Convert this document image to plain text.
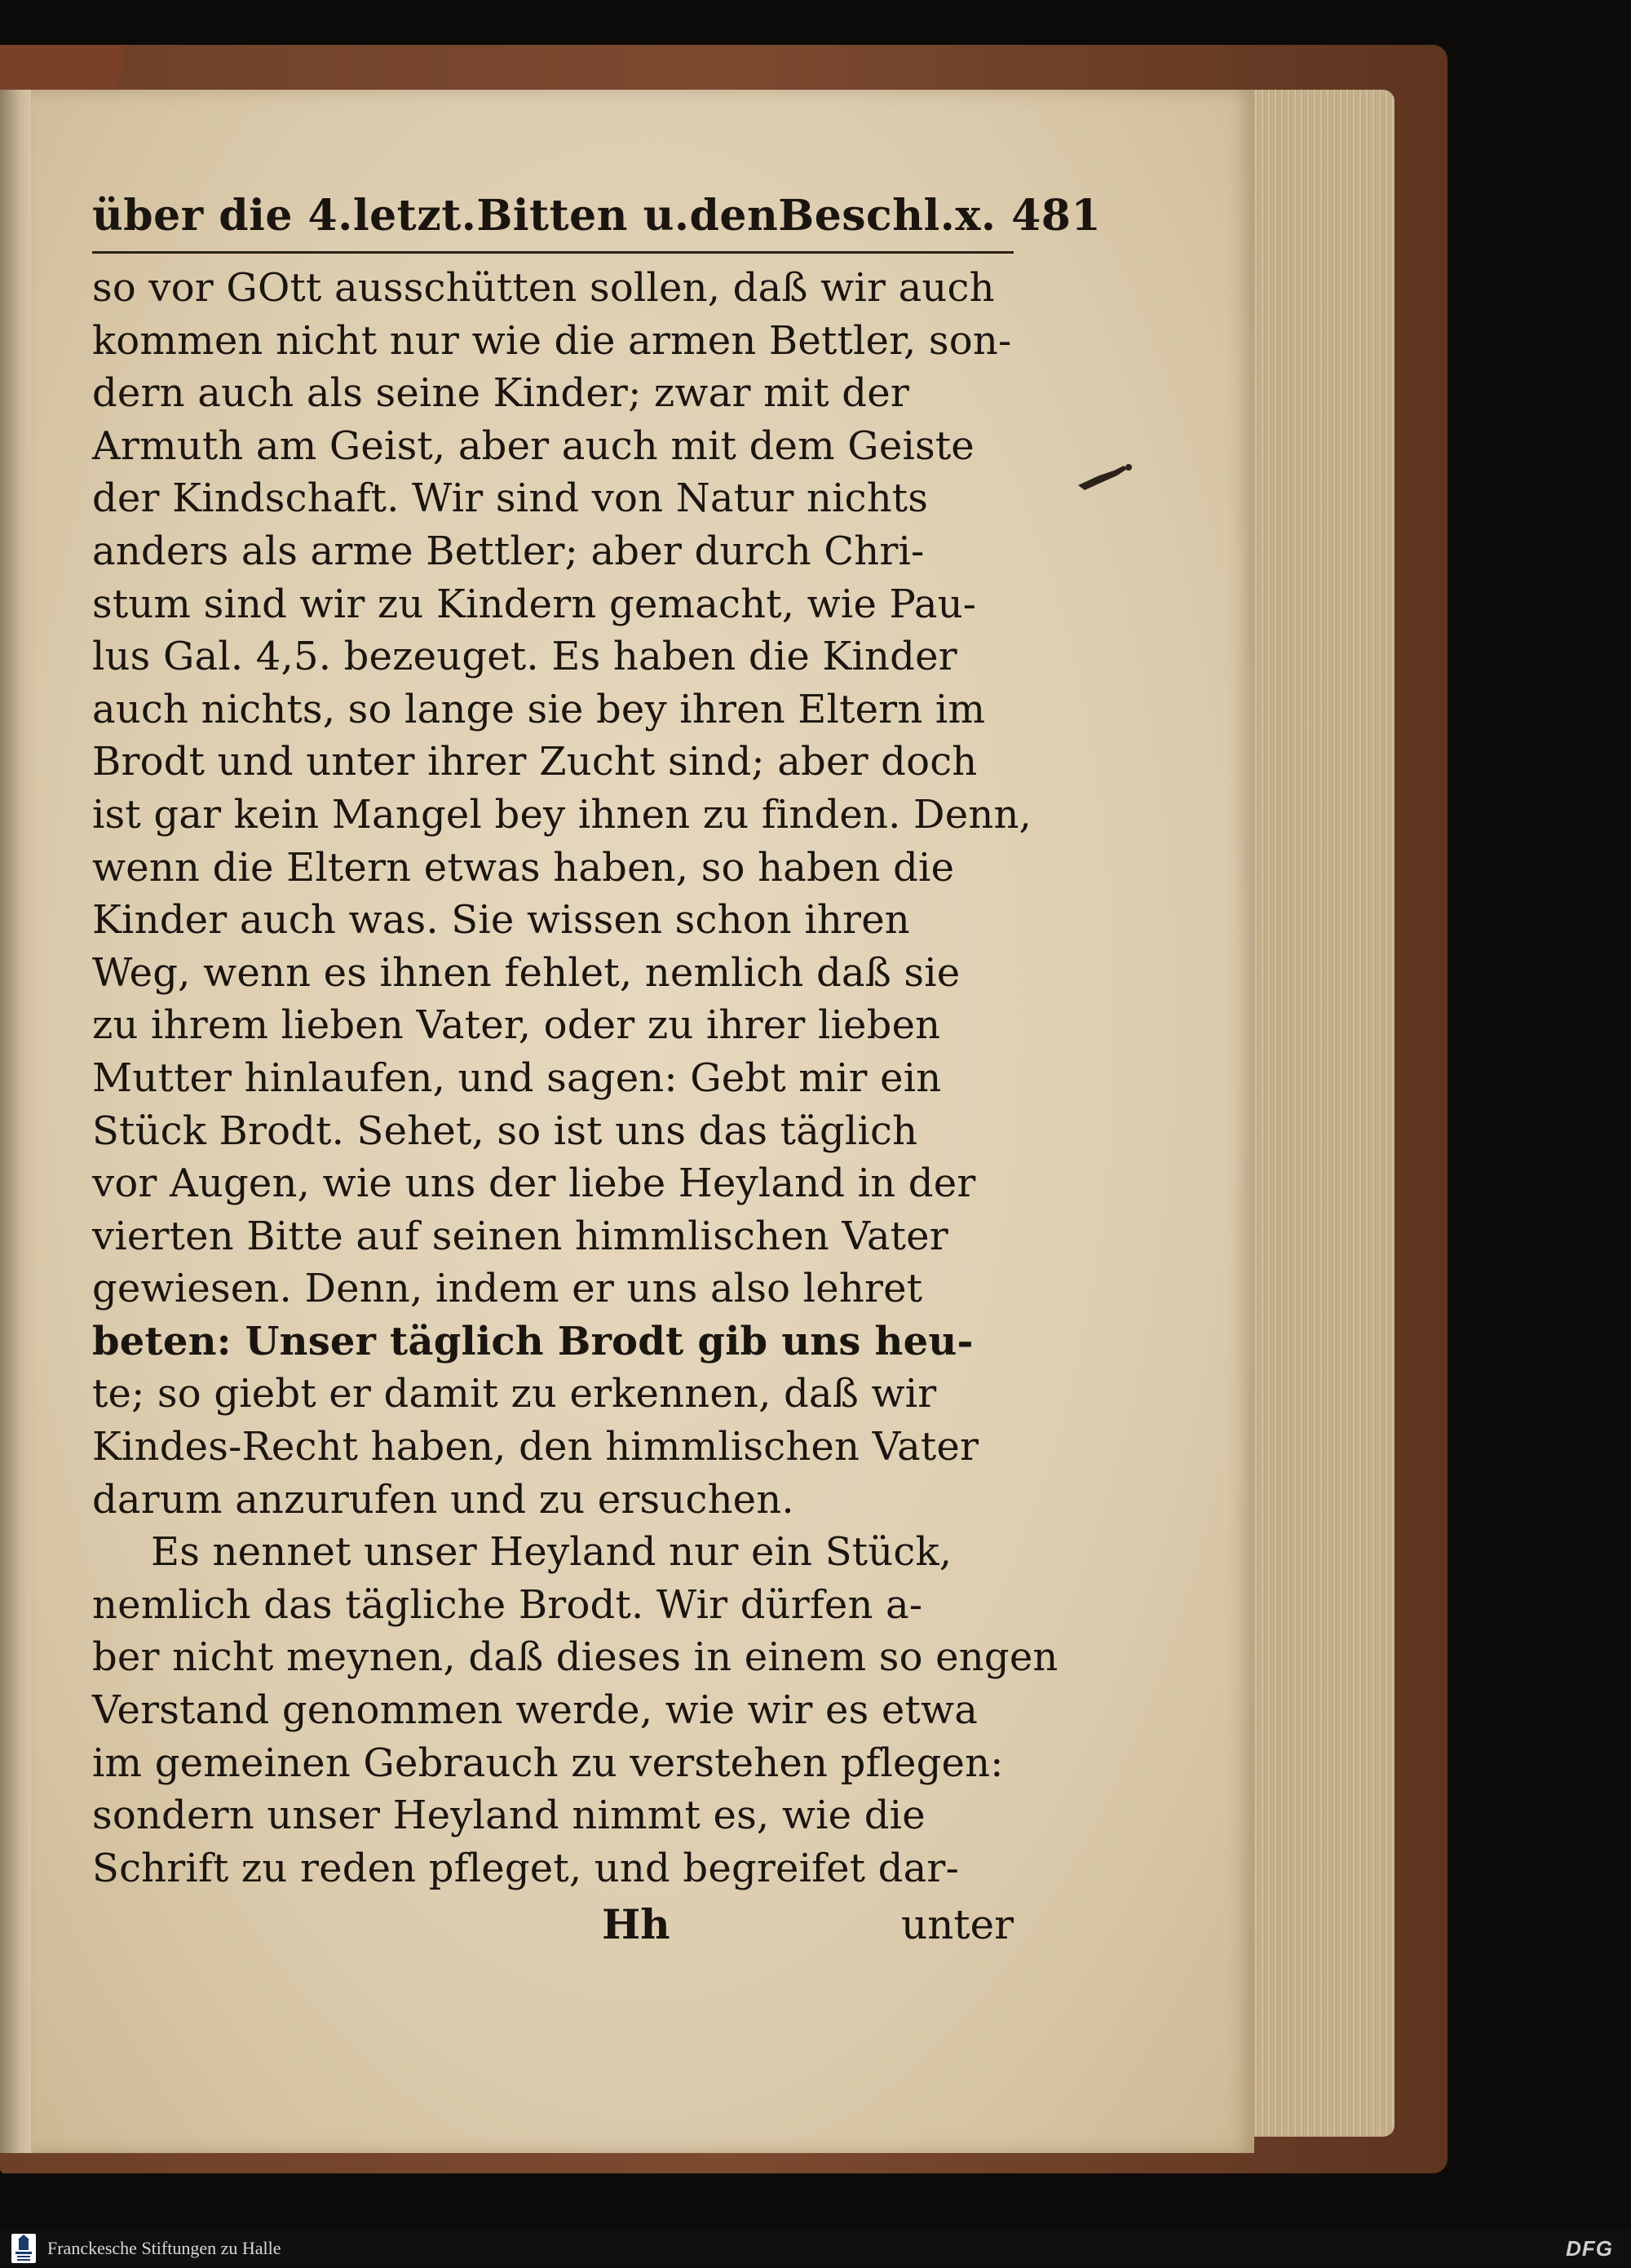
über die 4.letzt.Bitten u.denBeschl. x. 481
so vor GOtt ausschütten sollen, daß wir auch
kommen nicht nur wie die armen Bettler, son-
dern auch als seine Kinder; zwar mit der
Armuth am Geist, aber auch mit dem Geiste
der Kindschaft. Wir sind von Natur nichts
anders als arme Bettler; aber durch Chri-
stum sind wir zu Kindern gemacht, wie Pau-
lus Gal. 4,5. bezeuget. Es haben die Kinder
auch nichts, so lange sie bey ihren Eltern im
Brodt und unter ihrer Zucht sind; aber doch
ist gar kein Mangel bey ihnen zu finden. Denn,
wenn die Eltern etwas haben, so haben die
Kinder auch was. Sie wissen schon ihren
Weg, wenn es ihnen fehlet, nemlich daß sie
zu ihrem lieben Vater, oder zu ihrer lieben
Mutter hinlaufen, und sagen: Gebt mir ein
Stück Brodt. Sehet, so ist uns das täglich
vor Augen, wie uns der liebe Heyland in der
vierten Bitte auf seinen himmlischen Vater
gewiesen. Denn, indem er uns also lehret
beten: Unser täglich Brodt gib uns heu-
te; so giebt er damit zu erkennen, daß wir
Kindes-Recht haben, den himmlischen Vater
darum anzurufen und zu ersuchen.
Es nennet unser Heyland nur ein Stück,
nemlich das tägliche Brodt. Wir dürfen a-
ber nicht meynen, daß dieses in einem so engen
Verstand genommen werde, wie wir es etwa
im gemeinen Gebrauch zu verstehen pflegen:
sondern unser Heyland nimmt es, wie die
Schrift zu reden pfleget, und begreifet dar-
Hh	unter
Franckesche Stiftungen zu Halle	DFG
